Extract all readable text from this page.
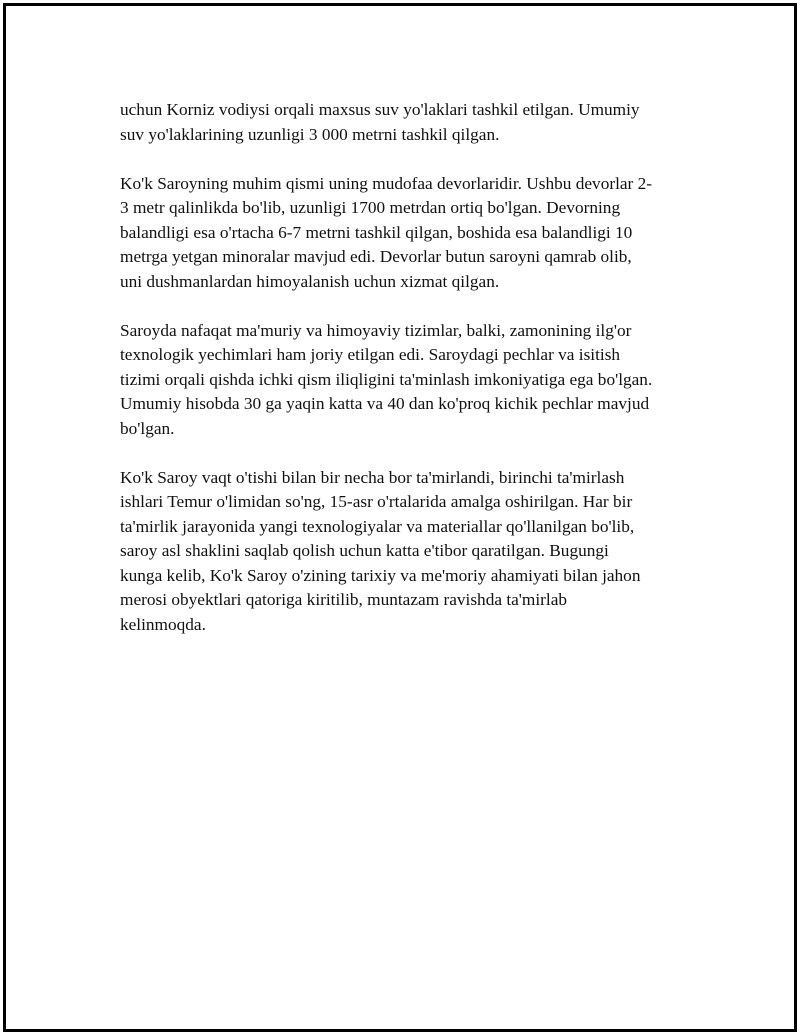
uchun Korniz vodiysi orqali maxsus suv yo'laklari tashkil etilgan. Umumiy
suv yo'laklarining uzunligi 3 000 metrni tashkil qilgan.

Ko'k Saroyning muhim qismi uning mudofaa devorlaridir. Ushbu devorlar 2-
3 metr qalinlikda bo'lib, uzunligi 1700 metrdan ortiq bo'lgan. Devorning
balandligi esa o'rtacha 6-7 metrni tashkil qilgan, boshida esa balandligi 10
metrga yetgan minoralar mavjud edi. Devorlar butun saroyni qamrab olib,
uni dushmanlardan himoyalanish uchun xizmat qilgan.

Saroyda nafaqat ma'muriy va himoyaviy tizimlar, balki, zamonining ilg'or
texnologik yechimlari ham joriy etilgan edi. Saroydagi pechlar va isitish
tizimi orqali qishda ichki qism iliqligini ta'minlash imkoniyatiga ega bo'lgan.
Umumiy hisobda 30 ga yaqin katta va 40 dan ko'proq kichik pechlar mavjud
bo'lgan.

Ko'k Saroy vaqt o'tishi bilan bir necha bor ta'mirlandi, birinchi ta'mirlash
ishlari Temur o'limidan so'ng, 15-asr o'rtalarida amalga oshirilgan. Har bir
ta'mirlik jarayonida yangi texnologiyalar va materiallar qo'llanilgan bo'lib,
saroy asl shaklini saqlab qolish uchun katta e'tibor qaratilgan. Bugungi
kunga kelib, Ko'k Saroy o'zining tarixiy va me'moriy ahamiyati bilan jahon
merosi obyektlari qatoriga kiritilib, muntazam ravishda ta'mirlab
kelinmoqda.
